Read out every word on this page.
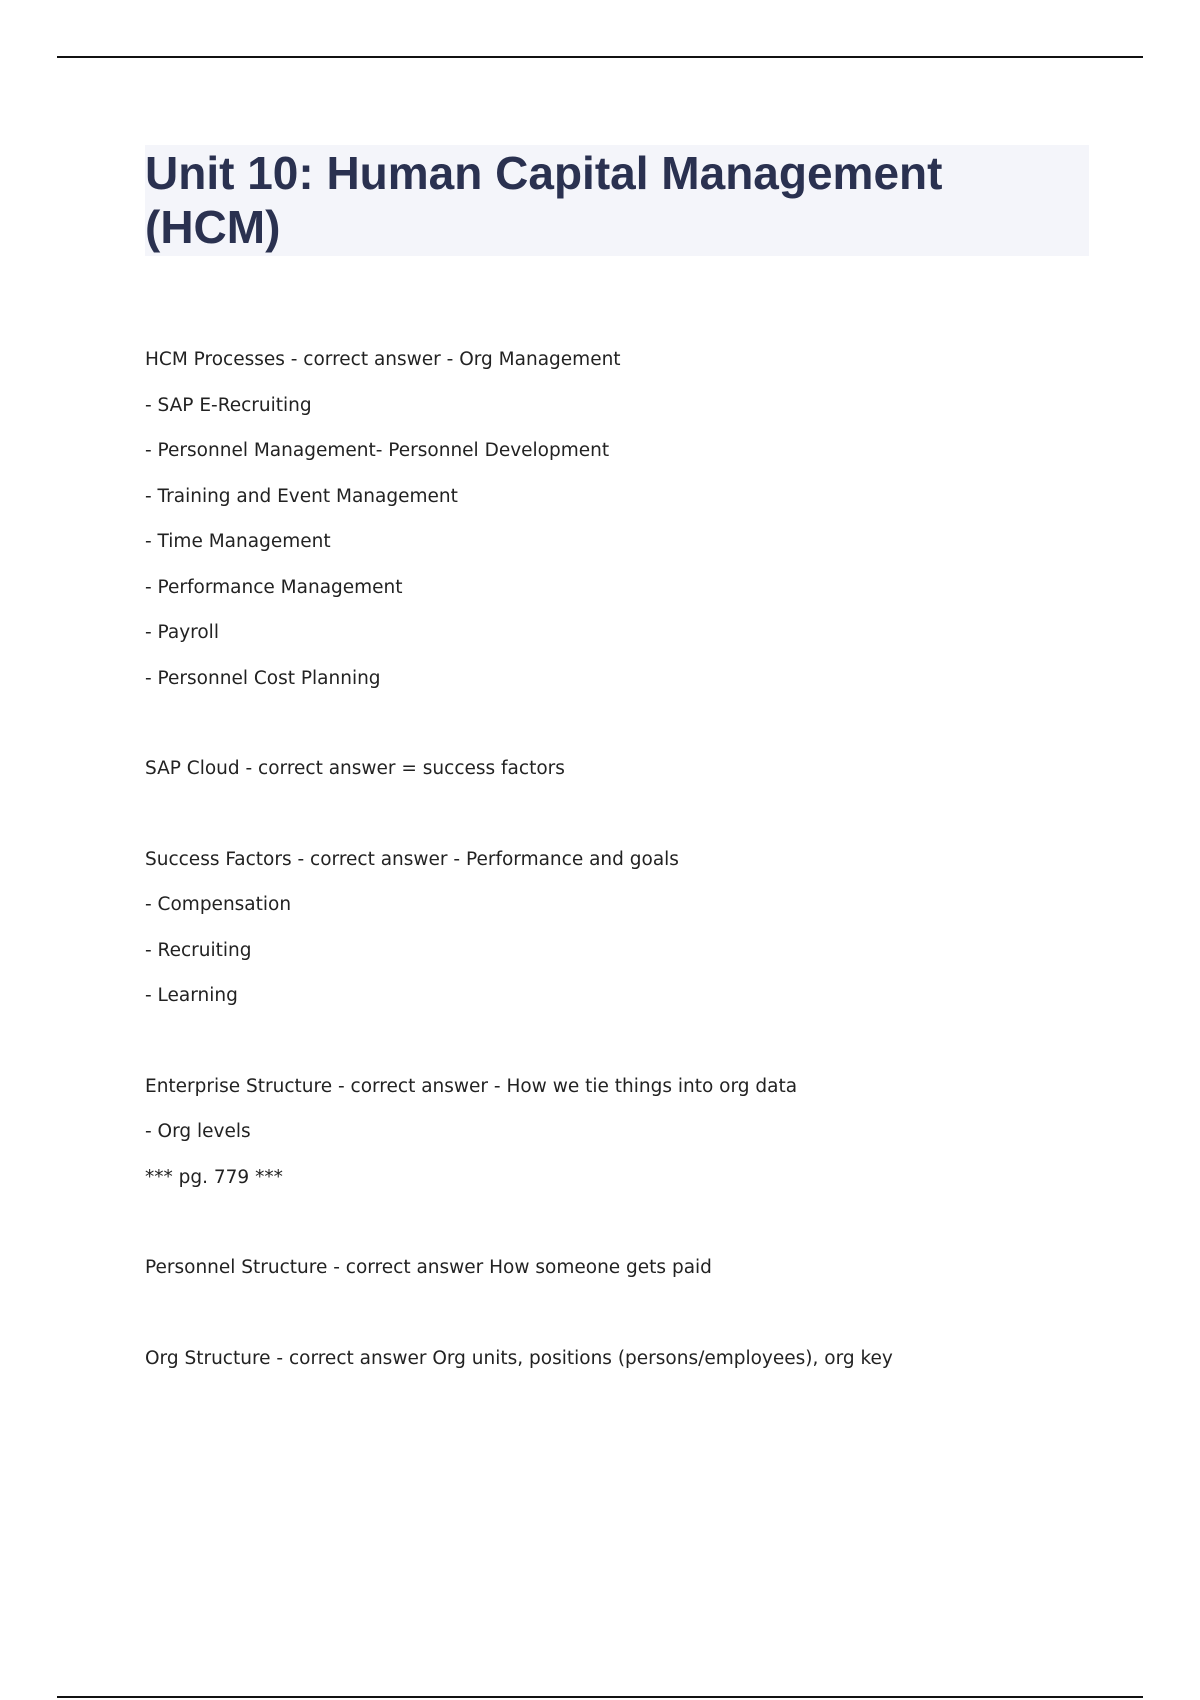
Unit 10: Human Capital Management (HCM)
HCM Processes - correct answer - Org Management
- SAP E-Recruiting
- Personnel Management- Personnel Development
- Training and Event Management
- Time Management
- Performance Management
- Payroll
- Personnel Cost Planning
SAP Cloud - correct answer = success factors
Success Factors - correct answer - Performance and goals
- Compensation
- Recruiting
- Learning
Enterprise Structure - correct answer - How we tie things into org data
- Org levels
*** pg. 779 ***
Personnel Structure - correct answer How someone gets paid
Org Structure - correct answer Org units, positions (persons/employees), org key
